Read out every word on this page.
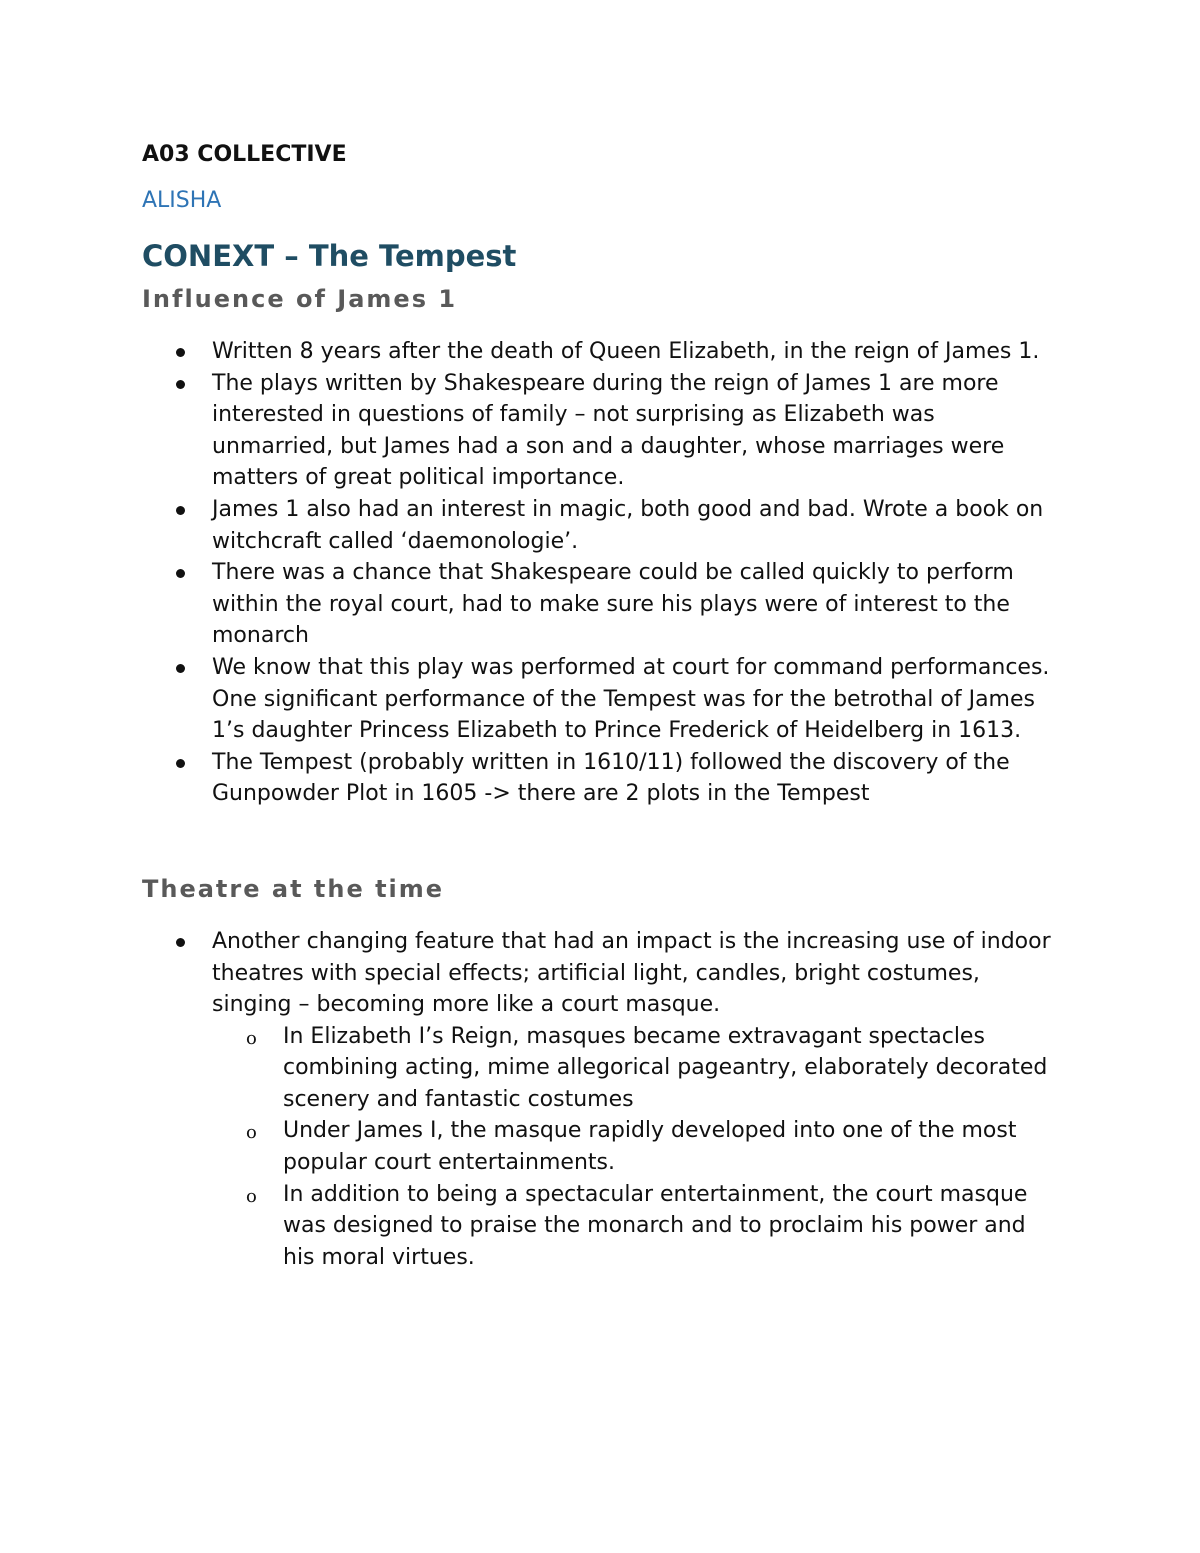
A03 COLLECTIVE

ALISHA

CONEXT – The Tempest
Influence of James 1
Written 8 years after the death of Queen Elizabeth, in the reign of James 1.
The plays written by Shakespeare during the reign of James 1 are more interested in questions of family – not surprising as Elizabeth was unmarried, but James had a son and a daughter, whose marriages were matters of great political importance.
James 1 also had an interest in magic, both good and bad. Wrote a book on witchcraft called ‘daemonologie’.
There was a chance that Shakespeare could be called quickly to perform within the royal court, had to make sure his plays were of interest to the monarch
We know that this play was performed at court for command performances. One significant performance of the Tempest was for the betrothal of James 1’s daughter Princess Elizabeth to Prince Frederick of Heidelberg in 1613.
The Tempest (probably written in 1610/11) followed the discovery of the Gunpowder Plot in 1605 -> there are 2 plots in the Tempest
Theatre at the time
Another changing feature that had an impact is the increasing use of indoor theatres with special effects; artificial light, candles, bright costumes, singing – becoming more like a court masque.
o In Elizabeth I’s Reign, masques became extravagant spectacles combining acting, mime allegorical pageantry, elaborately decorated scenery and fantastic costumes
o Under James I, the masque rapidly developed into one of the most popular court entertainments.
o In addition to being a spectacular entertainment, the court masque was designed to praise the monarch and to proclaim his power and his moral virtues.
